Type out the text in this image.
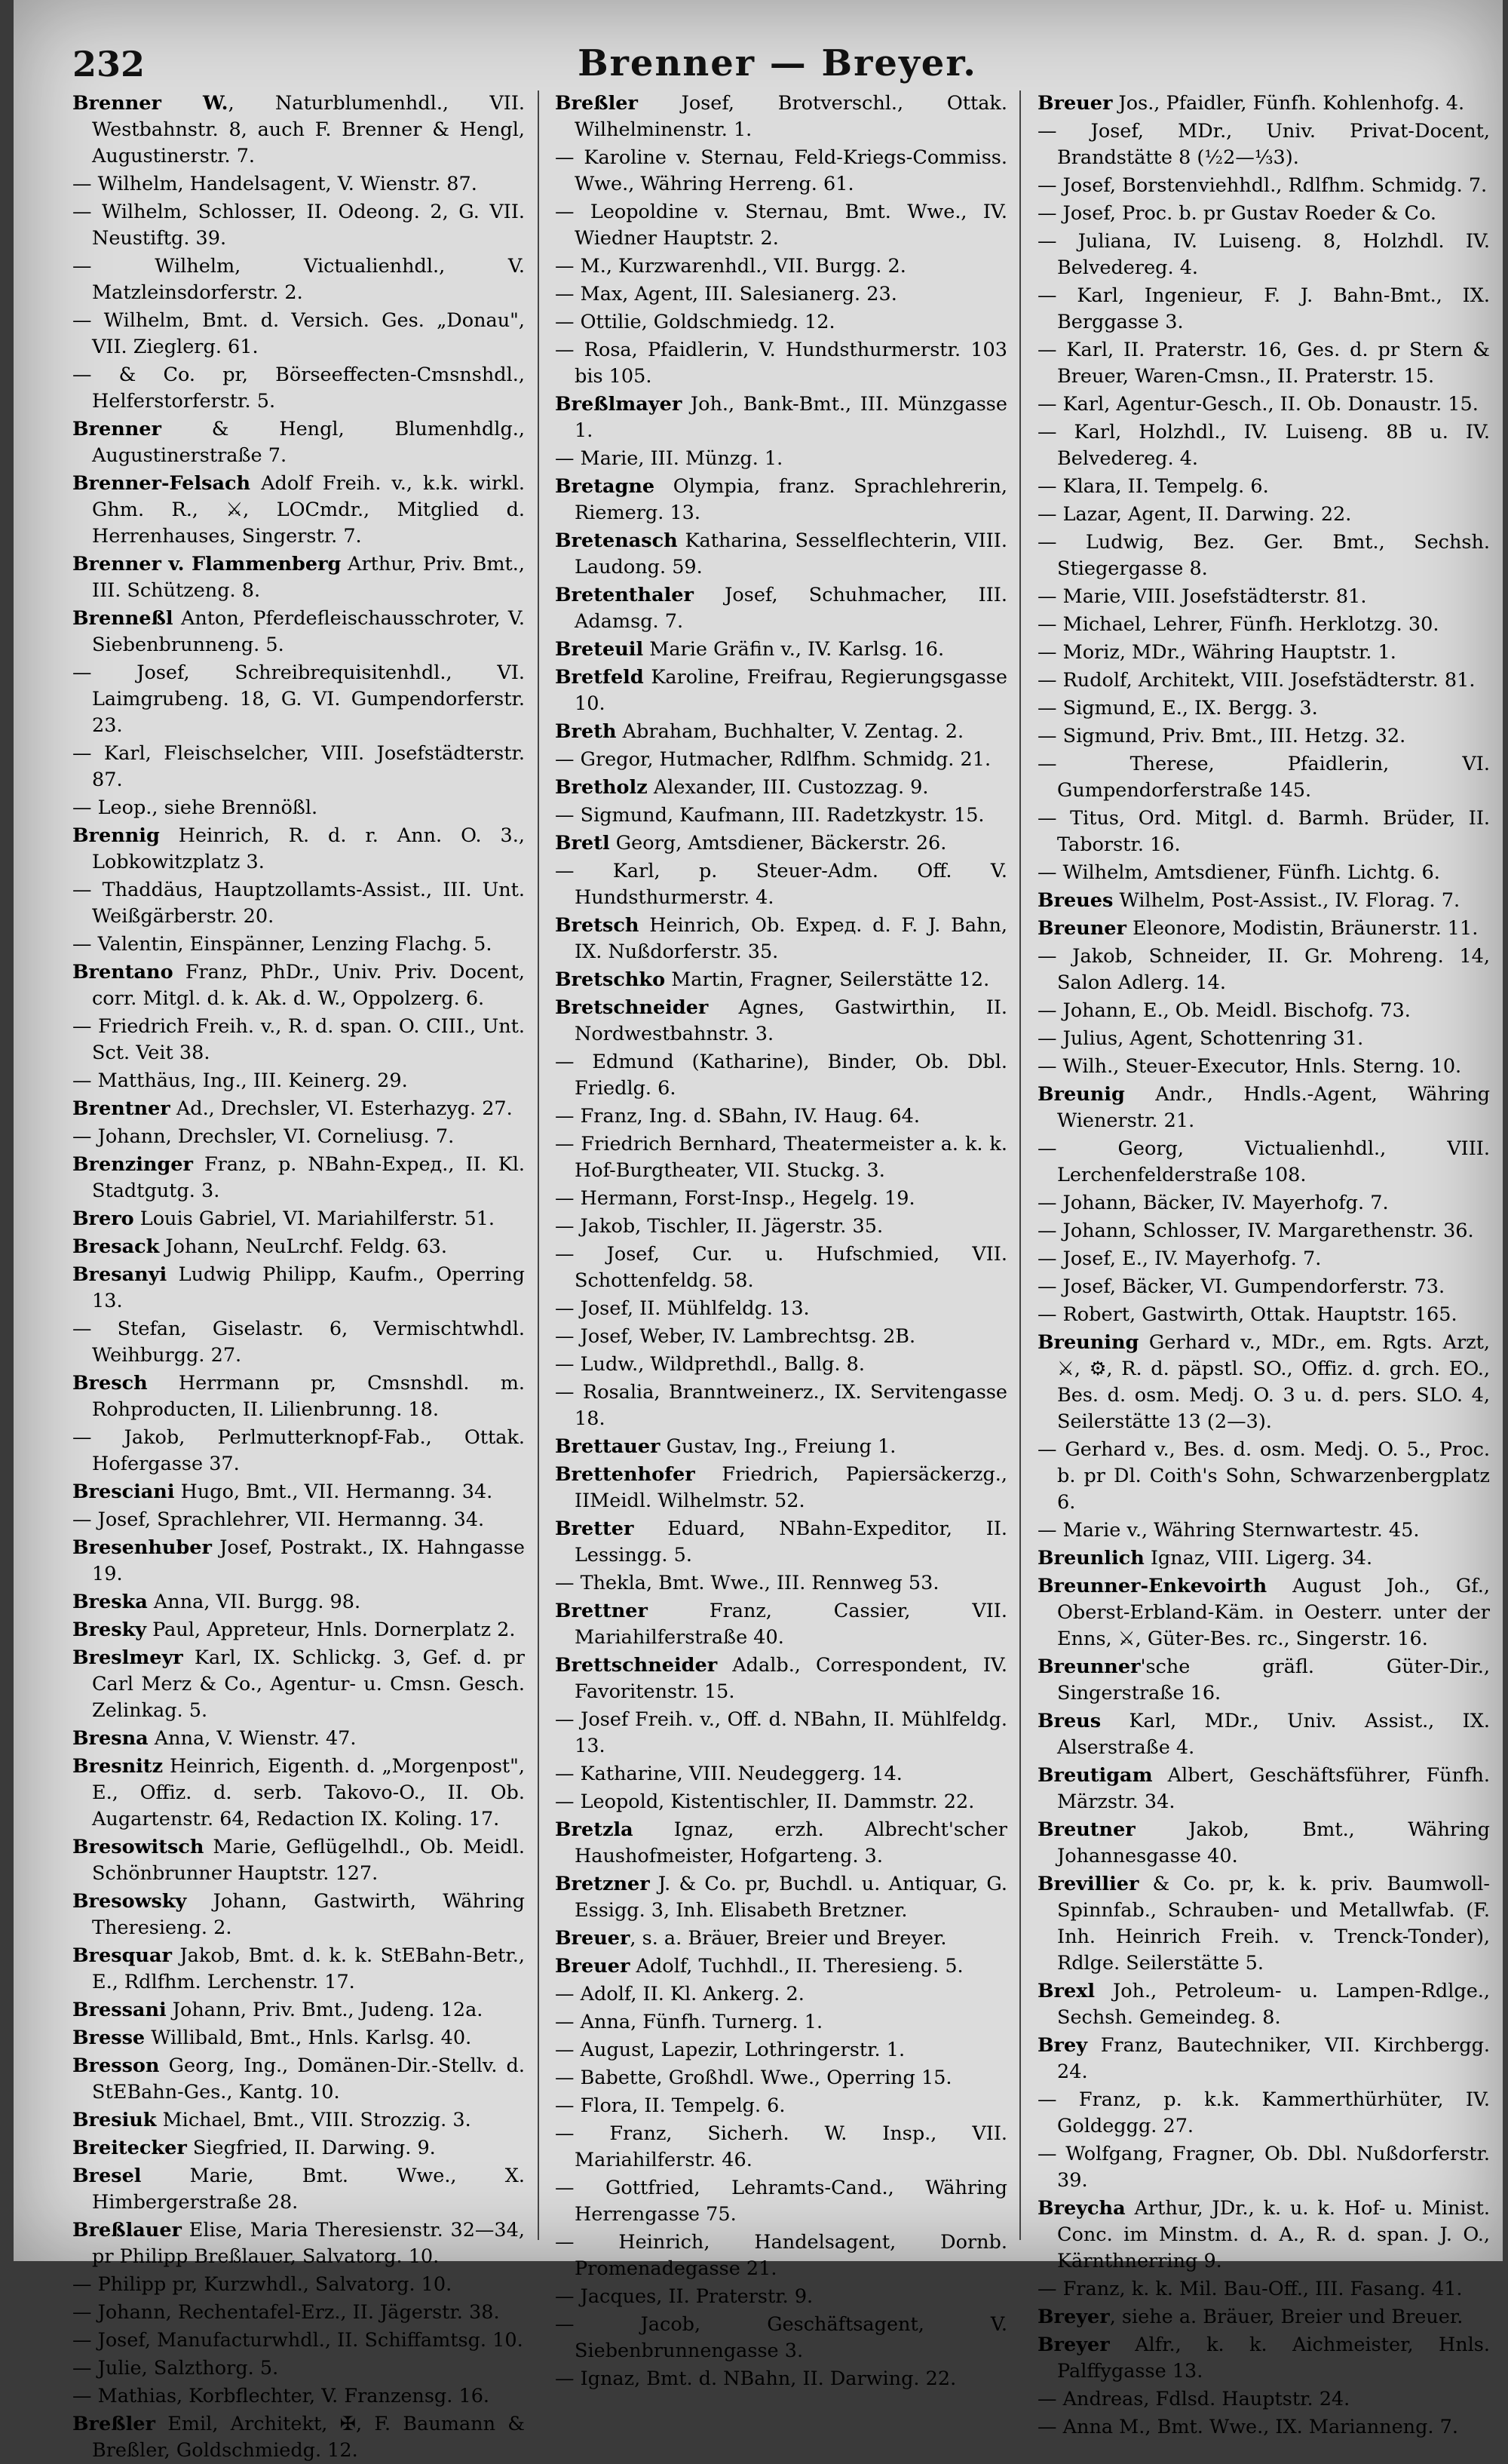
232	Brenner — Breyer.
Brenner W., Naturblumenhdl., VII. Westbahnstr. 8, auch F. Brenner & Hengl, Augustinerstr. 7.
— Wilhelm, Handelsagent, V. Wienstr. 87.
— Wilhelm, Schlosser, II. Odeong. 2, G. VII. Neustiftg. 39.
— Wilhelm, Victualienhdl., V. Matzleinsdorferstr. 2.
— Wilhelm, Bmt. d. Versich. Ges. „Donau", VII. Zieglerg. 61.
— & Co. pr, Börseeffecten-Cmsnshdl., Helferstorferstr. 5.
Brenner & Hengl, Blumenhdlg., Augustinerstraße 7.
Brenner-Felsach Adolf Freih. v., k.k. wirkl. Ghm. R., ⚔, LOCmdr., Mitglied d. Herrenhauses, Singerstr. 7.
Brenner v. Flammenberg Arthur, Priv. Bmt., III. Schützeng. 8.
Brenneßl Anton, Pferdefleischausschroter, V. Siebenbrunneng. 5.
— Josef, Schreibrequisitenhdl., VI. Laimgrubeng. 18, G. VI. Gumpendorferstr. 23.
— Karl, Fleischselcher, VIII. Josefstädterstr. 87.
— Leop., siehe Brennößl.
Brennig Heinrich, R. d. r. Ann. O. 3., Lobkowitzplatz 3.
— Thaddäus, Hauptzollamts-Assist., III. Unt. Weißgärberstr. 20.
— Valentin, Einspänner, Lenzing Flachg. 5.
Brentano Franz, PhDr., Univ. Priv. Docent, corr. Mitgl. d. k. Ak. d. W., Oppolzerg. 6.
— Friedrich Freih. v., R. d. span. O. CIII., Unt. Sct. Veit 38.
— Matthäus, Ing., III. Keinerg. 29.
Brentner Ad., Drechsler, VI. Esterhazyg. 27.
— Johann, Drechsler, VI. Corneliusg. 7.
Brenzinger Franz, p. NBahn-Expeд., II. Kl. Stadtgutg. 3.
Brero Louis Gabriel, VI. Mariahilferstr. 51.
Bresack Johann, NeuLrchf. Feldg. 63.
Bresanyi Ludwig Philipp, Kaufm., Operring 13.
— Stefan, Giselastr. 6, Vermischtwhdl. Weihburgg. 27.
Bresch Herrmann pr, Cmsnshdl. m. Rohproducten, II. Lilienbrunng. 18.
— Jakob, Perlmutterknopf-Fab., Ottak. Hofergasse 37.
Bresciani Hugo, Bmt., VII. Hermanng. 34.
— Josef, Sprachlehrer, VII. Hermanng. 34.
Bresenhuber Josef, Postrakt., IX. Hahngasse 19.
Breska Anna, VII. Burgg. 98.
Bresky Paul, Appreteur, Hnls. Dornerplatz 2.
Breslmeyr Karl, IX. Schlickg. 3, Gef. d. pr Carl Merz & Co., Agentur- u. Cmsn. Gesch. Zelinkag. 5.
Bresna Anna, V. Wienstr. 47.
Bresnitz Heinrich, Eigenth. d. „Morgenpost", E., Offiz. d. serb. Takovo-O., II. Ob. Augartenstr. 64, Redaction IX. Koling. 17.
Bresowitsch Marie, Geflügelhdl., Ob. Meidl. Schönbrunner Hauptstr. 127.
Bresowsky Johann, Gastwirth, Währing Theresieng. 2.
Bresquar Jakob, Bmt. d. k. k. StEBahn-Betr., E., Rdlfhm. Lerchenstr. 17.
Bressani Johann, Priv. Bmt., Judeng. 12a.
Bresse Willibald, Bmt., Hnls. Karlsg. 40.
Bresson Georg, Ing., Domänen-Dir.-Stellv. d. StEBahn-Ges., Kantg. 10.
Bresiuk Michael, Bmt., VIII. Strozzig. 3.
Breitecker Siegfried, II. Darwing. 9.
Bresel Marie, Bmt. Wwe., X. Himbergerstraße 28.
Breßlauer Elise, Maria Theresienstr. 32—34, pr Philipp Breßlauer, Salvatorg. 10.
— Philipp pr, Kurzwhdl., Salvatorg. 10.
— Johann, Rechentafel-Erz., II. Jägerstr. 38.
— Josef, Manufacturwhdl., II. Schiffamtsg. 10.
— Julie, Salzthorg. 5.
— Mathias, Korbflechter, V. Franzensg. 16.
Breßler Emil, Architekt, ✠, F. Baumann & Breßler, Goldschmiedg. 12.
Breßler Josef, Brotverschl., Ottak. Wilhelminenstr. 1.
— Karoline v. Sternau, Feld-Kriegs-Commiss. Wwe., Währing Herreng. 61.
— Leopoldine v. Sternau, Bmt. Wwe., IV. Wiedner Hauptstr. 2.
— M., Kurzwarenhdl., VII. Burgg. 2.
— Max, Agent, III. Salesianerg. 23.
— Ottilie, Goldschmiedg. 12.
— Rosa, Pfaidlerin, V. Hundsthurmerstr. 103 bis 105.
Breßlmayer Joh., Bank-Bmt., III. Münzgasse 1.
— Marie, III. Münzg. 1.
Bretagne Olympia, franz. Sprachlehrerin, Riemerg. 13.
Bretenasch Katharina, Sesselflechterin, VIII. Laudong. 59.
Bretenthaler Josef, Schuhmacher, III. Adamsg. 7.
Breteuil Marie Gräfin v., IV. Karlsg. 16.
Bretfeld Karoline, Freifrau, Regierungsgasse 10.
Breth Abraham, Buchhalter, V. Zentag. 2.
— Gregor, Hutmacher, Rdlfhm. Schmidg. 21.
Bretholz Alexander, III. Custozzag. 9.
— Sigmund, Kaufmann, III. Radetzkystr. 15.
Bretl Georg, Amtsdiener, Bäckerstr. 26.
— Karl, p. Steuer-Adm. Off. V. Hundsthurmerstr. 4.
Bretsch Heinrich, Ob. Expeд. d. F. J. Bahn, IX. Nußdorferstr. 35.
Bretschko Martin, Fragner, Seilerstätte 12.
Bretschneider Agnes, Gastwirthin, II. Nordwestbahnstr. 3.
— Edmund (Katharine), Binder, Ob. Dbl. Friedlg. 6.
— Franz, Ing. d. SBahn, IV. Haug. 64.
— Friedrich Bernhard, Theatermeister a. k. k. Hof-Burgtheater, VII. Stuckg. 3.
— Hermann, Forst-Insp., Hegelg. 19.
— Jakob, Tischler, II. Jägerstr. 35.
— Josef, Cur. u. Hufschmied, VII. Schottenfeldg. 58.
— Josef, II. Mühlfeldg. 13.
— Josef, Weber, IV. Lambrechtsg. 2B.
— Ludw., Wildprethdl., Ballg. 8.
— Rosalia, Branntweinerz., IX. Servitengasse 18.
Brettauer Gustav, Ing., Freiung 1.
Brettenhofer Friedrich, Papiersäckerzg., IIMeidl. Wilhelmstr. 52.
Bretter Eduard, NBahn-Expeditor, II. Lessingg. 5.
— Thekla, Bmt. Wwe., III. Rennweg 53.
Brettner Franz, Cassier, VII. Mariahilferstraße 40.
Brettschneider Adalb., Correspondent, IV. Favoritenstr. 15.
— Josef Freih. v., Off. d. NBahn, II. Mühlfeldg. 13.
— Katharine, VIII. Neudeggerg. 14.
— Leopold, Kistentischler, II. Dammstr. 22.
Bretzla Ignaz, erzh. Albrecht'scher Haushofmeister, Hofgarteng. 3.
Bretzner J. & Co. pr, Buchdl. u. Antiquar, G. Essigg. 3, Inh. Elisabeth Bretzner.
Breuer, s. a. Bräuer, Breier und Breyer.
Breuer Adolf, Tuchhdl., II. Theresieng. 5.
— Adolf, II. Kl. Ankerg. 2.
— Anna, Fünfh. Turnerg. 1.
— August, Lapezir, Lothringerstr. 1.
— Babette, Großhdl. Wwe., Operring 15.
— Flora, II. Tempelg. 6.
— Franz, Sicherh. W. Insp., VII. Mariahilferstr. 46.
— Gottfried, Lehramts-Cand., Währing Herrengasse 75.
— Heinrich, Handelsagent, Dornb. Promenadegasse 21.
— Jacques, II. Praterstr. 9.
— Jacob, Geschäftsagent, V. Siebenbrunnengasse 3.
— Ignaz, Bmt. d. NBahn, II. Darwing. 22.
Breuer Jos., Pfaidler, Fünfh. Kohlenhofg. 4.
— Josef, MDr., Univ. Privat-Docent, Brandstätte 8 (½2—⅓3).
— Josef, Borstenviehhdl., Rdlfhm. Schmidg. 7.
— Josef, Proc. b. pr Gustav Roeder & Co.
— Juliana, IV. Luiseng. 8, Holzhdl. IV. Belvedereg. 4.
— Karl, Ingenieur, F. J. Bahn-Bmt., IX. Berggasse 3.
— Karl, II. Praterstr. 16, Ges. d. pr Stern & Breuer, Waren-Cmsn., II. Praterstr. 15.
— Karl, Agentur-Gesch., II. Ob. Donaustr. 15.
— Karl, Holzhdl., IV. Luiseng. 8B u. IV. Belvedereg. 4.
— Klara, II. Tempelg. 6.
— Lazar, Agent, II. Darwing. 22.
— Ludwig, Bez. Ger. Bmt., Sechsh. Stiegergasse 8.
— Marie, VIII. Josefstädterstr. 81.
— Michael, Lehrer, Fünfh. Herklotzg. 30.
— Moriz, MDr., Währing Hauptstr. 1.
— Rudolf, Architekt, VIII. Josefstädterstr. 81.
— Sigmund, E., IX. Bergg. 3.
— Sigmund, Priv. Bmt., III. Hetzg. 32.
— Therese, Pfaidlerin, VI. Gumpendorferstraße 145.
— Titus, Ord. Mitgl. d. Barmh. Brüder, II. Taborstr. 16.
— Wilhelm, Amtsdiener, Fünfh. Lichtg. 6.
Breues Wilhelm, Post-Assist., IV. Florag. 7.
Breuner Eleonore, Modistin, Bräunerstr. 11.
— Jakob, Schneider, II. Gr. Mohreng. 14, Salon Adlerg. 14.
— Johann, E., Ob. Meidl. Bischofg. 73.
— Julius, Agent, Schottenring 31.
— Wilh., Steuer-Executor, Hnls. Sterng. 10.
Breunig Andr., Hndls.-Agent, Währing Wienerstr. 21.
— Georg, Victualienhdl., VIII. Lerchenfelderstraße 108.
— Johann, Bäcker, IV. Mayerhofg. 7.
— Johann, Schlosser, IV. Margarethenstr. 36.
— Josef, E., IV. Mayerhofg. 7.
— Josef, Bäcker, VI. Gumpendorferstr. 73.
— Robert, Gastwirth, Ottak. Hauptstr. 165.
Breuning Gerhard v., MDr., em. Rgts. Arzt, ⚔, ⚙, R. d. päpstl. SO., Offiz. d. grch. EO., Bes. d. osm. Medj. O. 3 u. d. pers. SLO. 4, Seilerstätte 13 (2—3).
— Gerhard v., Bes. d. osm. Medj. O. 5., Proc. b. pr Dl. Coith's Sohn, Schwarzenbergplatz 6.
— Marie v., Währing Sternwartestr. 45.
Breunlich Ignaz, VIII. Ligerg. 34.
Breunner-Enkevoirth August Joh., Gf., Oberst-Erbland-Käm. in Oesterr. unter der Enns, ⚔, Güter-Bes. rc., Singerstr. 16.
Breunner'sche gräfl. Güter-Dir., Singerstraße 16.
Breus Karl, MDr., Univ. Assist., IX. Alserstraße 4.
Breutigam Albert, Geschäftsführer, Fünfh. Märzstr. 34.
Breutner Jakob, Bmt., Währing Johannesgasse 40.
Brevillier & Co. pr, k. k. priv. Baumwoll-Spinnfab., Schrauben- und Metallwfab. (F. Inh. Heinrich Freih. v. Trenck-Tonder), Rdlge. Seilerstätte 5.
Brexl Joh., Petroleum- u. Lampen-Rdlge., Sechsh. Gemeindeg. 8.
Brey Franz, Bautechniker, VII. Kirchbergg. 24.
— Franz, p. k.k. Kammerthürhüter, IV. Goldeggg. 27.
— Wolfgang, Fragner, Ob. Dbl. Nußdorferstr. 39.
Breycha Arthur, JDr., k. u. k. Hof- u. Minist. Conc. im Minstm. d. A., R. d. span. J. O., Kärnthnerring 9.
— Franz, k. k. Mil. Bau-Off., III. Fasang. 41.
Breyer, siehe a. Bräuer, Breier und Breuer.
Breyer Alfr., k. k. Aichmeister, Hnls. Palffygasse 13.
— Andreas, Fdlsd. Hauptstr. 24.
— Anna M., Bmt. Wwe., IX. Marianneng. 7.
